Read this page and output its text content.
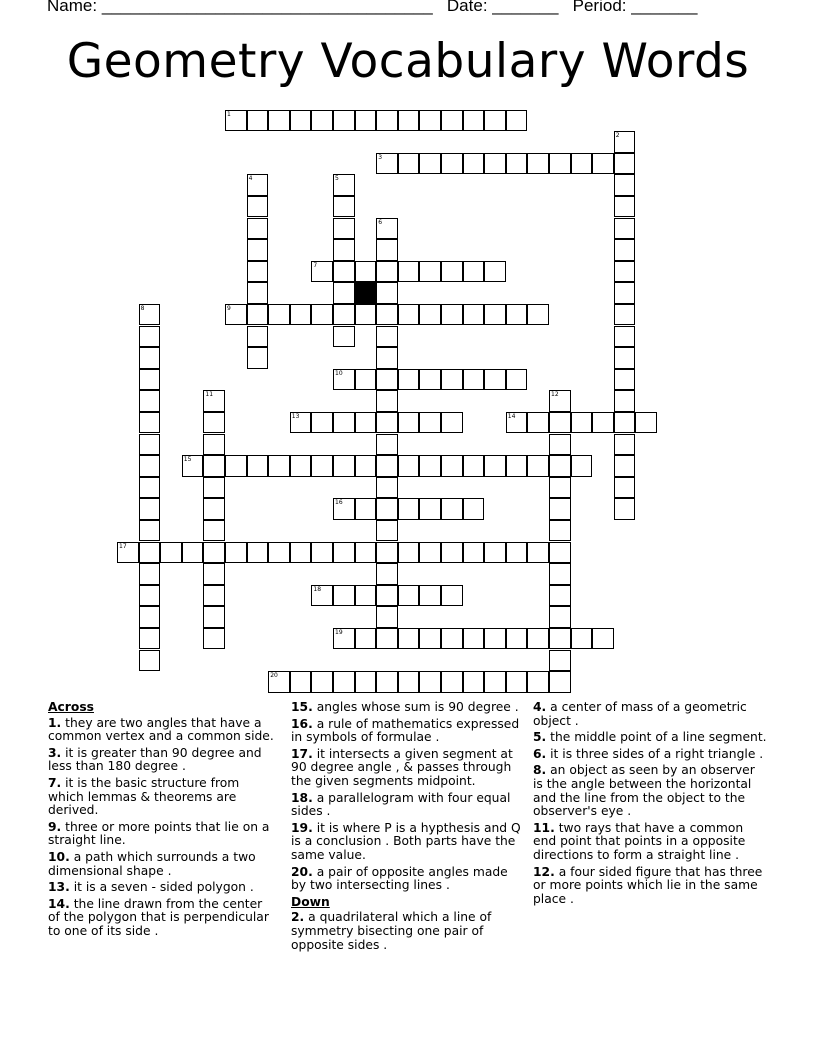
Name: ___________________________________ Date: _______ Period: _______
Geometry Vocabulary Words
1
2
3
4	5
6
7
8	9
10
11	12
13	14
15
16
17
18
19
20
Across
1. they are two angles that have a common vertex and a common side.
3. it is greater than 90 degree and less than 180 degree .
7. it is the basic structure from which lemmas & theorems are derived.
9. three or more points that lie on a straight line.
10. a path which surrounds a two dimensional shape .
13. it is a seven - sided polygon .
14. the line drawn from the center of the polygon that is perpendicular to one of its side .
15. angles whose sum is 90 degree .
16. a rule of mathematics expressed in symbols of formulae .
17. it intersects a given segment at 90 degree angle , & passes through the given segments midpoint.
18. a parallelogram with four equal sides .
19. it is where P is a hypthesis and Q is a conclusion . Both parts have the same value.
20. a pair of opposite angles made by two intersecting lines .
Down
2. a quadrilateral which a line of symmetry bisecting one pair of opposite sides .
4. a center of mass of a geometric object .
5. the middle point of a line segment.
6. it is three sides of a right triangle .
8. an object as seen by an observer is the angle between the horizontal and the line from the object to the observer's eye .
11. two rays that have a common end point that points in a opposite directions to form a straight line .
12. a four sided figure that has three or more points which lie in the same place .
